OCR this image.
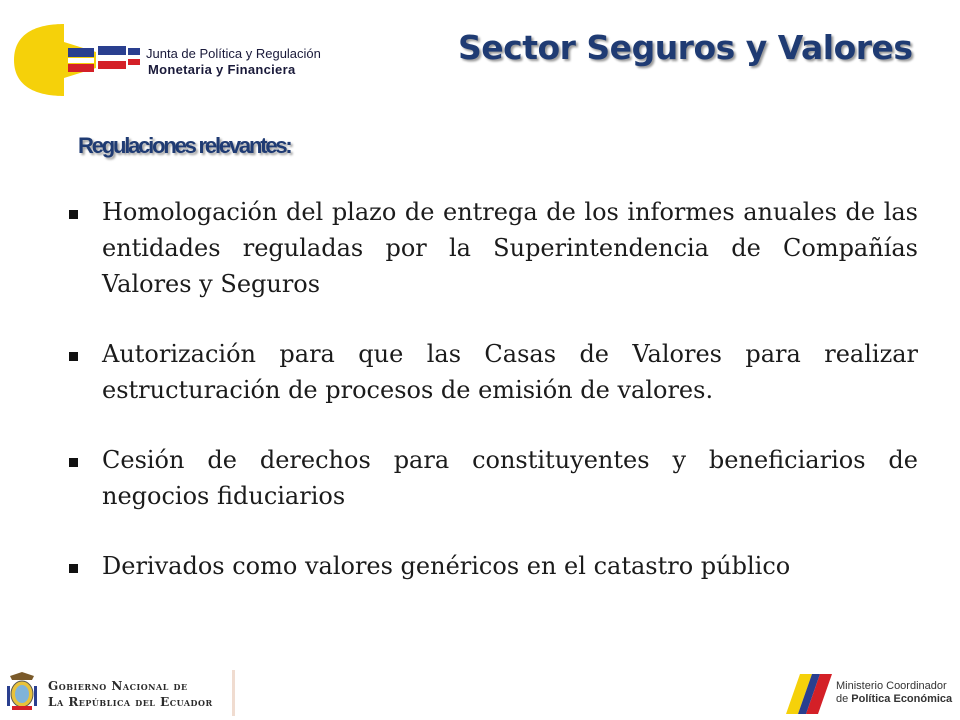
Junta de Política y Regulación
Monetaria y Financiera
Sector Seguros y Valores
Regulaciones relevantes:
Homologación del plazo de entrega de los informes anuales de las entidades reguladas por la Superintendencia de Compañías Valores y Seguros
Autorización para que las Casas de Valores para realizar estructuración de procesos de emisión de valores.
Cesión de derechos para constituyentes y beneficiarios de negocios fiduciarios
Derivados como valores genéricos en el catastro público
Gobierno Nacional de
La República del Ecuador
Ministerio Coordinador
de Política Económica
